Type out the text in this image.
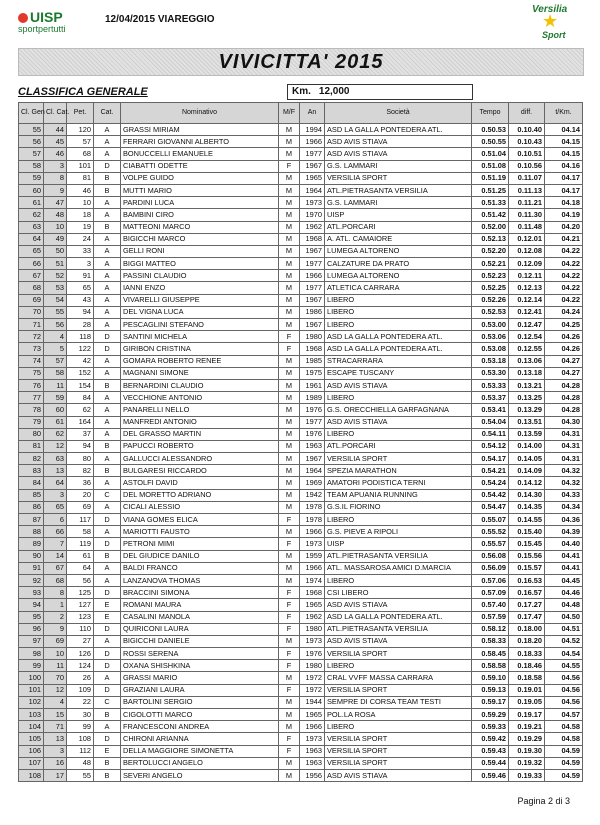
UISP
sportpertutti
12/04/2015 VIAREGGIO
Versilia
★
Sport
VIVICITTA' 2015
CLASSIFICA GENERALE	Km. 12,000
Cl. Gen	Cl. Cat.	Pet.	Cat.	Nominativo	M/F	An	Società	Tempo	diff.	t/Km.
55	44	120	A	GRASSI MIRIAM	M	1994	ASD LA GALLA PONTEDERA ATL.	0.50.53	0.10.40	04.14
56	45	57	A	FERRARI GIOVANNI ALBERTO	M	1966	ASD AVIS STIAVA	0.50.55	0.10.43	04.15
57	46	68	A	BONUCCELLI EMANUELE	M	1977	ASD AVIS STIAVA	0.51.04	0.10.51	04.15
58	3	101	D	CIABATTI ODETTE	F	1967	G.S. LAMMARI	0.51.08	0.10.56	04.16
59	8	81	B	VOLPE GUIDO	M	1965	VERSILIA SPORT	0.51.19	0.11.07	04.17
60	9	46	B	MUTTI MARIO	M	1964	ATL.PIETRASANTA VERSILIA	0.51.25	0.11.13	04.17
61	47	10	A	PARDINI LUCA	M	1973	G.S. LAMMARI	0.51.33	0.11.21	04.18
62	48	18	A	BAMBINI CIRO	M	1970	UISP	0.51.42	0.11.30	04.19
63	10	19	B	MATTEONI MARCO	M	1962	ATL.PORCARI	0.52.00	0.11.48	04.20
64	49	24	A	BIGICCHI MARCO	M	1968	A. ATL. CAMAIORE	0.52.13	0.12.01	04.21
65	50	33	A	GELLI RONI	M	1967	LUMEGA ALTORENO	0.52.20	0.12.08	04.22
66	51	3	A	BIGGI MATTEO	M	1977	CALZATURE DA PRATO	0.52.21	0.12.09	04.22
67	52	91	A	PASSINI CLAUDIO	M	1966	LUMEGA ALTORENO	0.52.23	0.12.11	04.22
68	53	65	A	IANNI ENZO	M	1977	ATLETICA CARRARA	0.52.25	0.12.13	04.22
69	54	43	A	VIVARELLI GIUSEPPE	M	1967	LIBERO	0.52.26	0.12.14	04.22
70	55	94	A	DEL VIGNA LUCA	M	1986	LIBERO	0.52.53	0.12.41	04.24
71	56	28	A	PESCAGLINI STEFANO	M	1967	LIBERO	0.53.00	0.12.47	04.25
72	4	118	D	SANTINI MICHELA	F	1980	ASD LA GALLA PONTEDERA ATL.	0.53.06	0.12.54	04.26
73	5	122	D	GIRIBON CRISTINA	F	1968	ASD LA GALLA PONTEDERA ATL.	0.53.08	0.12.55	04.26
74	57	42	A	GOMARA ROBERTO RENEE	M	1985	STRACARRARA	0.53.18	0.13.06	04.27
75	58	152	A	MAGNANI SIMONE	M	1975	ESCAPE TUSCANY	0.53.30	0.13.18	04.27
76	11	154	B	BERNARDINI CLAUDIO	M	1961	ASD AVIS STIAVA	0.53.33	0.13.21	04.28
77	59	84	A	VECCHIONE ANTONIO	M	1989	LIBERO	0.53.37	0.13.25	04.28
78	60	62	A	PANARELLI NELLO	M	1976	G.S. ORECCHIELLA GARFAGNANA	0.53.41	0.13.29	04.28
79	61	164	A	MANFREDI ANTONIO	M	1977	ASD AVIS STIAVA	0.54.04	0.13.51	04.30
80	62	37	A	DEL GRASSO MARTIN	M	1976	LIBERO	0.54.11	0.13.59	04.31
81	12	94	B	PAPUCCI ROBERTO	M	1963	ATL.PORCARI	0.54.12	0.14.00	04.31
82	63	80	A	GALLUCCI ALESSANDRO	M	1967	VERSILIA SPORT	0.54.17	0.14.05	04.31
83	13	82	B	BULGARESI RICCARDO	M	1964	SPEZIA MARATHON	0.54.21	0.14.09	04.32
84	64	36	A	ASTOLFI DAVID	M	1969	AMATORI PODISTICA TERNI	0.54.24	0.14.12	04.32
85	3	20	C	DEL MORETTO ADRIANO	M	1942	TEAM APUANIA RUNNING	0.54.42	0.14.30	04.33
86	65	69	A	CICALI ALESSIO	M	1978	G.S.IL FIORINO	0.54.47	0.14.35	04.34
87	6	117	D	VIANA GOMES ELICA	F	1978	LIBERO	0.55.07	0.14.55	04.36
88	66	58	A	MARIOTTI FAUSTO	M	1966	G.S. PIEVE A RIPOLI	0.55.52	0.15.40	04.39
89	7	119	D	PETRONI MIMI	F	1973	UISP	0.55.57	0.15.45	04.40
90	14	61	B	DEL GIUDICE DANILO	M	1959	ATL.PIETRASANTA VERSILIA	0.56.08	0.15.56	04.41
91	67	64	A	BALDI FRANCO	M	1966	ATL. MASSAROSA AMICI D.MARCIA	0.56.09	0.15.57	04.41
92	68	56	A	LANZANOVA THOMAS	M	1974	LIBERO	0.57.06	0.16.53	04.45
93	8	125	D	BRACCINI SIMONA	F	1968	CSI LIBERO	0.57.09	0.16.57	04.46
94	1	127	E	ROMANI MAURA	F	1965	ASD AVIS STIAVA	0.57.40	0.17.27	04.48
95	2	123	E	CASALINI MANOLA	F	1962	ASD LA GALLA PONTEDERA ATL.	0.57.59	0.17.47	04.50
96	9	110	D	QUIRICONI LAURA	F	1980	ATL.PIETRASANTA VERSILIA	0.58.12	0.18.00	04.51
97	69	27	A	BIGICCHI DANIELE	M	1973	ASD AVIS STIAVA	0.58.33	0.18.20	04.52
98	10	126	D	ROSSI SERENA	F	1976	VERSILIA SPORT	0.58.45	0.18.33	04.54
99	11	124	D	OXANA SHISHKINA	F	1980	LIBERO	0.58.58	0.18.46	04.55
100	70	26	A	GRASSI MARIO	M	1972	CRAL VVFF MASSA CARRARA	0.59.10	0.18.58	04.56
101	12	109	D	GRAZIANI LAURA	F	1972	VERSILIA SPORT	0.59.13	0.19.01	04.56
102	4	22	C	BARTOLINI SERGIO	M	1944	SEMPRE DI CORSA TEAM TESTI	0.59.17	0.19.05	04.56
103	15	30	B	CIGOLOTTI MARCO	M	1965	POL.LA ROSA	0.59.29	0.19.17	04.57
104	71	99	A	FRANCESCONI ANDREA	M	1966	LIBERO	0.59.33	0.19.21	04.58
105	13	108	D	CHIRONI ARIANNA	F	1973	VERSILIA SPORT	0.59.42	0.19.29	04.58
106	3	112	E	DELLA MAGGIORE SIMONETTA	F	1963	VERSILIA SPORT	0.59.43	0.19.30	04.59
107	16	48	B	BERTOLUCCI ANGELO	M	1963	VERSILIA SPORT	0.59.44	0.19.32	04.59
108	17	55	B	SEVERI ANGELO	M	1956	ASD AVIS STIAVA	0.59.46	0.19.33	04.59
Pagina 2 di 3
